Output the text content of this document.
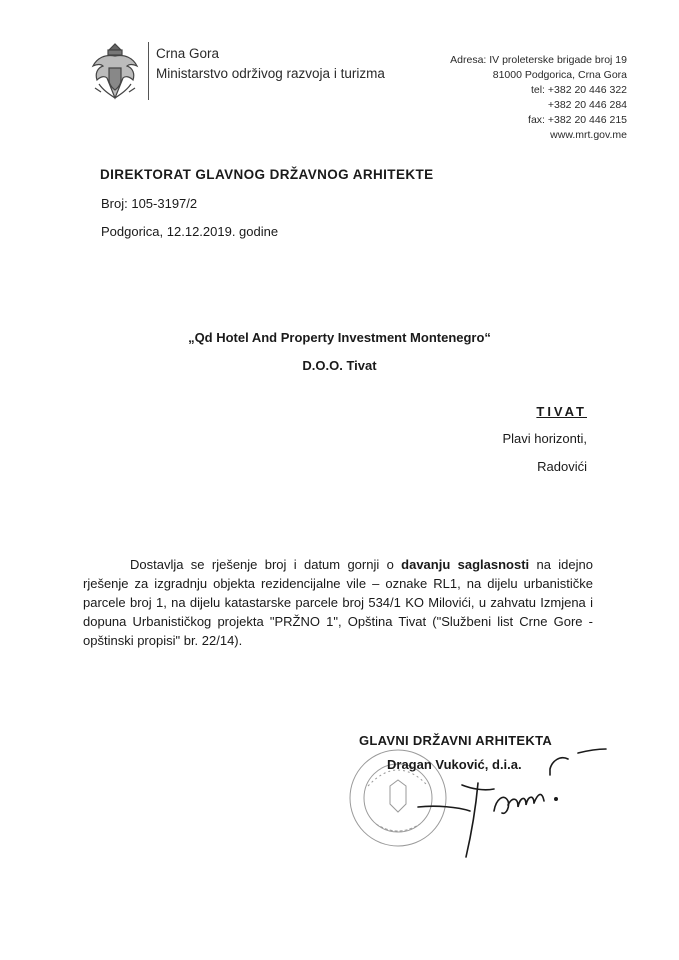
Crna Gora
Ministarstvo održivog razvoja i turizma
Adresa: IV proleterske brigade broj 19
81000 Podgorica, Crna Gora
tel: +382 20 446 322
+382 20 446 284
fax: +382 20 446 215
www.mrt.gov.me
DIREKTORAT GLAVNOG DRŽAVNOG ARHITEKTE
Broj: 105-3197/2
Podgorica, 12.12.2019. godine
„Qd Hotel And Property Investment Montenegro“
D.O.O. Tivat
TIVAT
Plavi horizonti,
Radovići
Dostavlja se rješenje broj i datum gornji o davanju saglasnosti na idejno rješenje za izgradnju objekta rezidencijalne vile – oznake RL1, na dijelu urbanističke parcele broj 1, na dijelu katastarske parcele broj 534/1 KO Milovići, u zahvatu Izmjena i dopuna Urbanističkog projekta "PRŽNO 1", Opština Tivat ("Službeni list Crne Gore - opštinski propisi" br. 22/14).
GLAVNI DRŽAVNI ARHITEKTA
Dragan Vuković, d.i.a.
